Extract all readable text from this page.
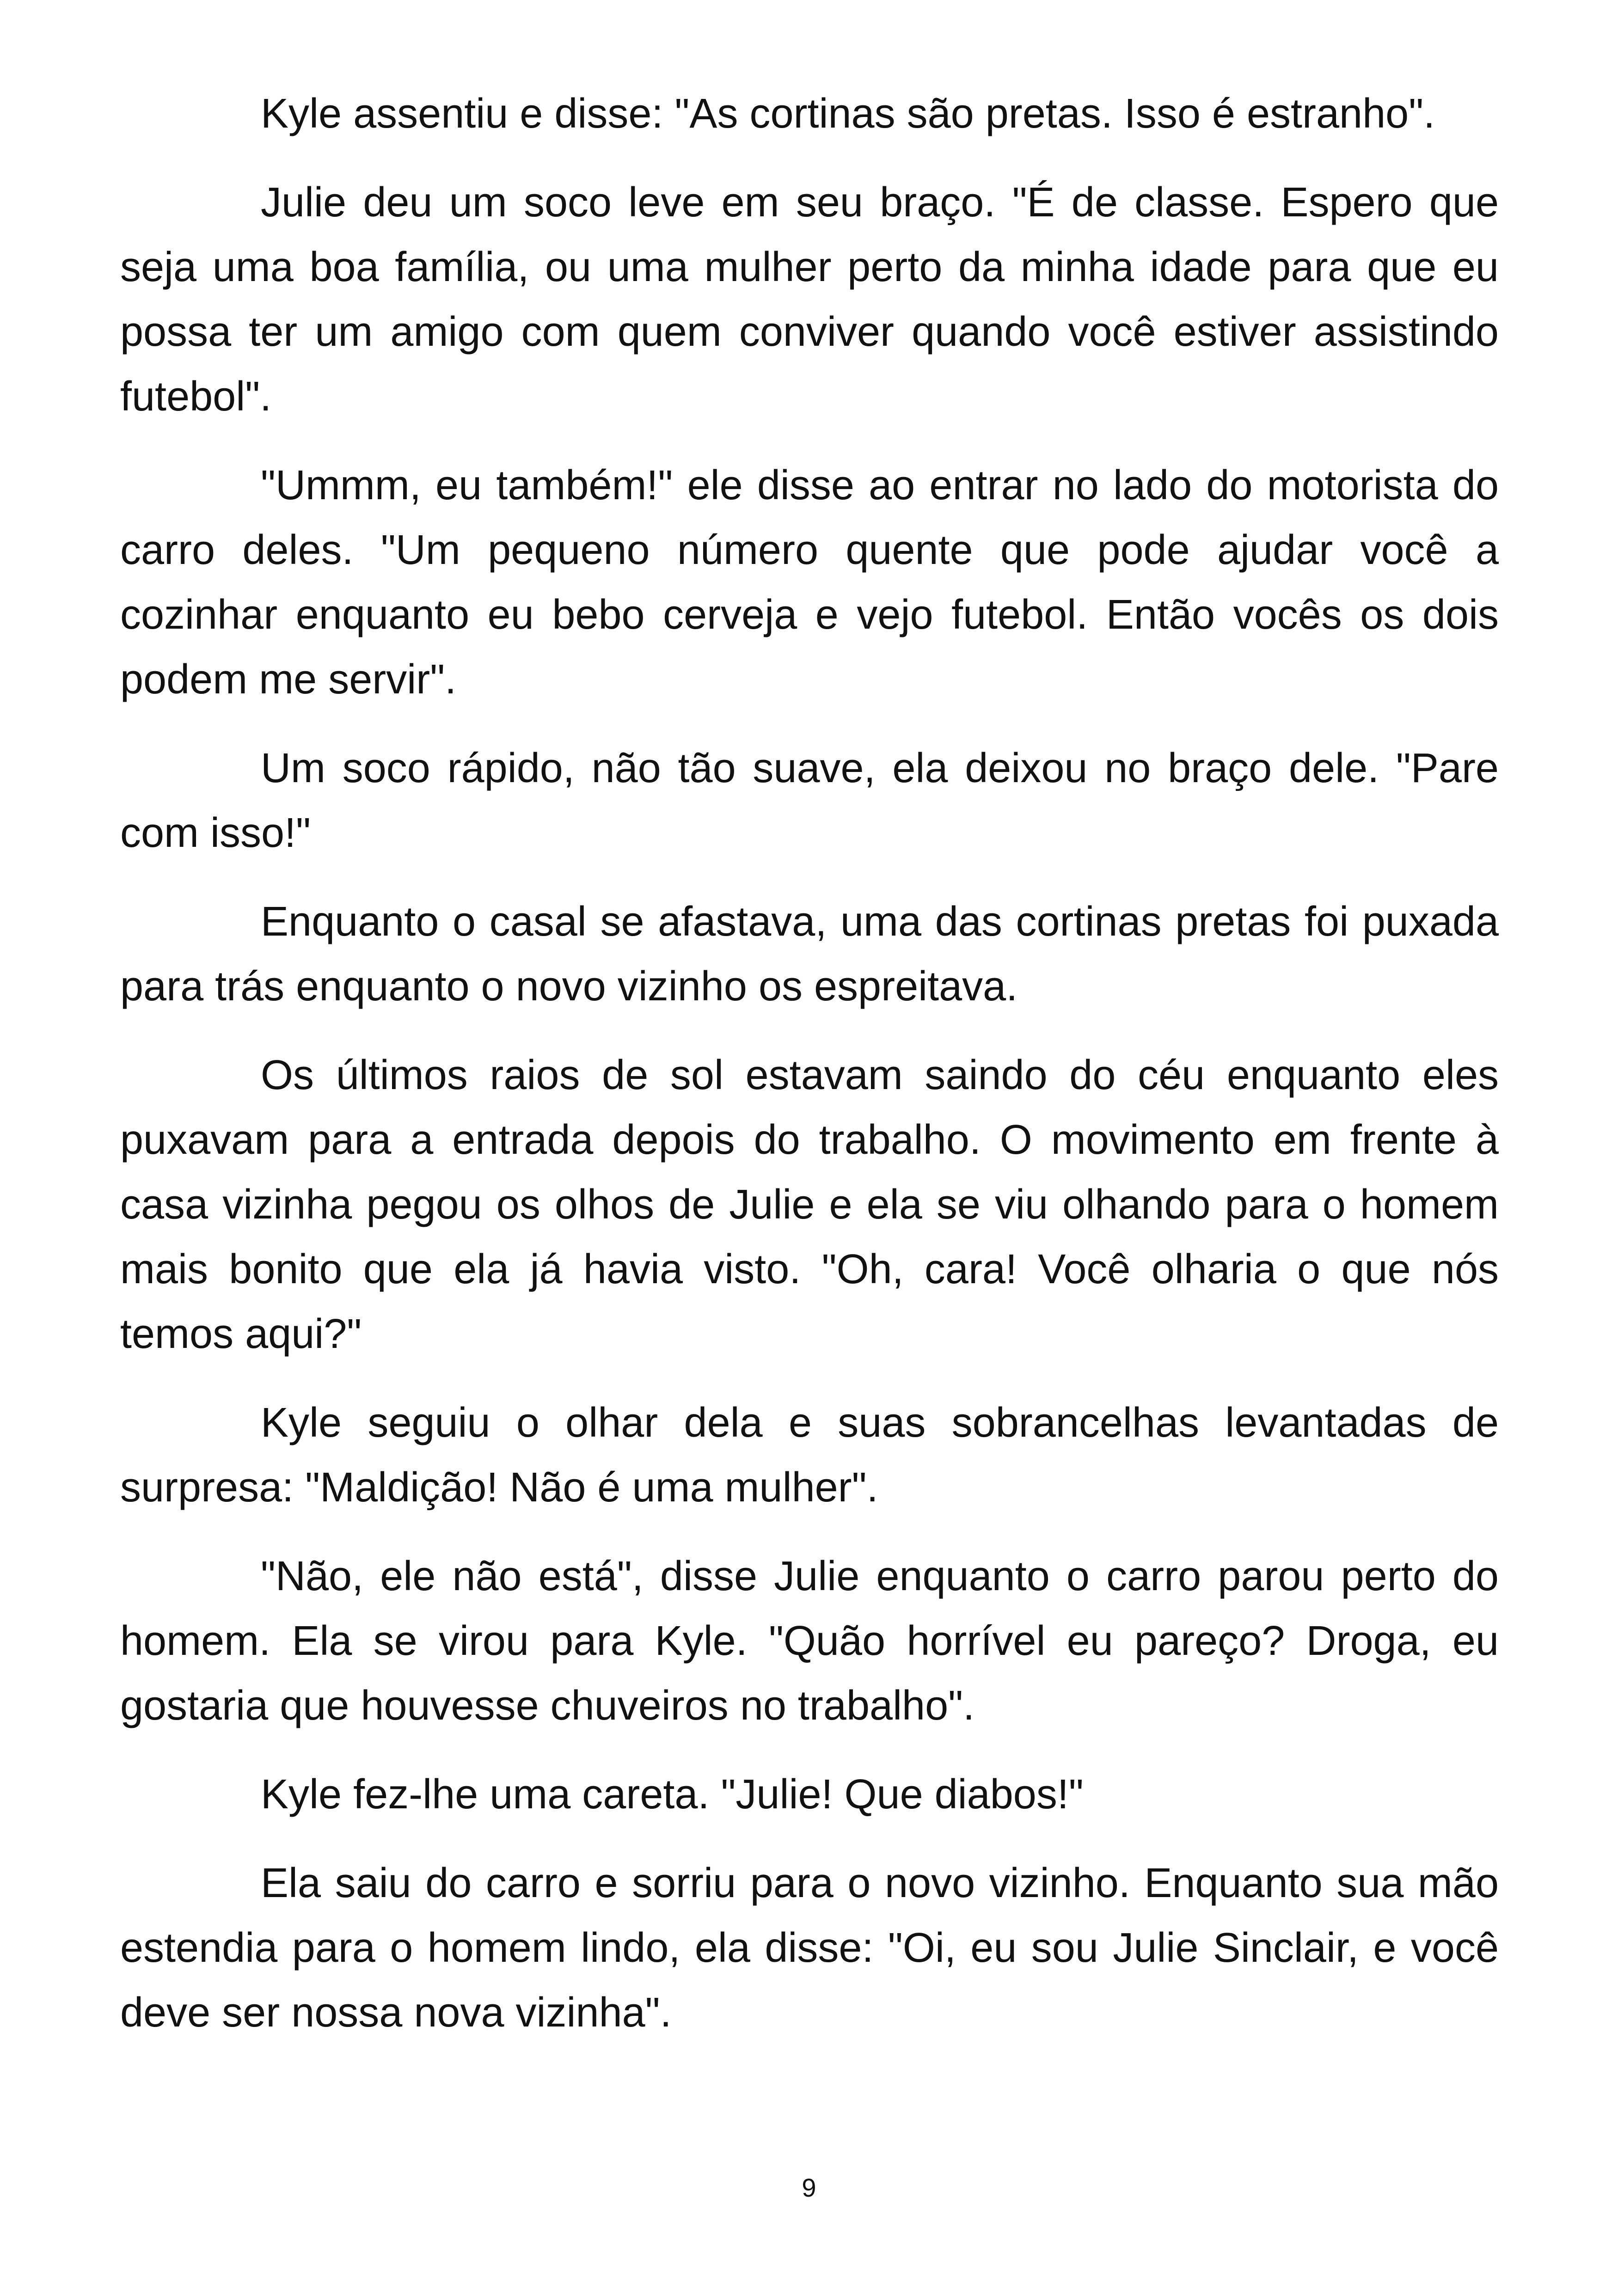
Kyle assentiu e disse: "As cortinas são pretas. Isso é estranho".

Julie deu um soco leve em seu braço. "É de classe. Espero que seja uma boa família, ou uma mulher perto da minha idade para que eu possa ter um amigo com quem conviver quando você estiver assistindo futebol".

"Ummm, eu também!" ele disse ao entrar no lado do motorista do carro deles. "Um pequeno número quente que pode ajudar você a cozinhar enquanto eu bebo cerveja e vejo futebol. Então vocês os dois podem me servir".

Um soco rápido, não tão suave, ela deixou no braço dele. "Pare com isso!"

Enquanto o casal se afastava, uma das cortinas pretas foi puxada para trás enquanto o novo vizinho os espreitava.

Os últimos raios de sol estavam saindo do céu enquanto eles puxavam para a entrada depois do trabalho. O movimento em frente à casa vizinha pegou os olhos de Julie e ela se viu olhando para o homem mais bonito que ela já havia visto. "Oh, cara! Você olharia o que nós temos aqui?"

Kyle seguiu o olhar dela e suas sobrancelhas levantadas de surpresa: "Maldição! Não é uma mulher".

"Não, ele não está", disse Julie enquanto o carro parou perto do homem. Ela se virou para Kyle. "Quão horrível eu pareço? Droga, eu gostaria que houvesse chuveiros no trabalho".

Kyle fez-lhe uma careta. "Julie! Que diabos!"

Ela saiu do carro e sorriu para o novo vizinho. Enquanto sua mão estendia para o homem lindo, ela disse: "Oi, eu sou Julie Sinclair, e você deve ser nossa nova vizinha".

9
